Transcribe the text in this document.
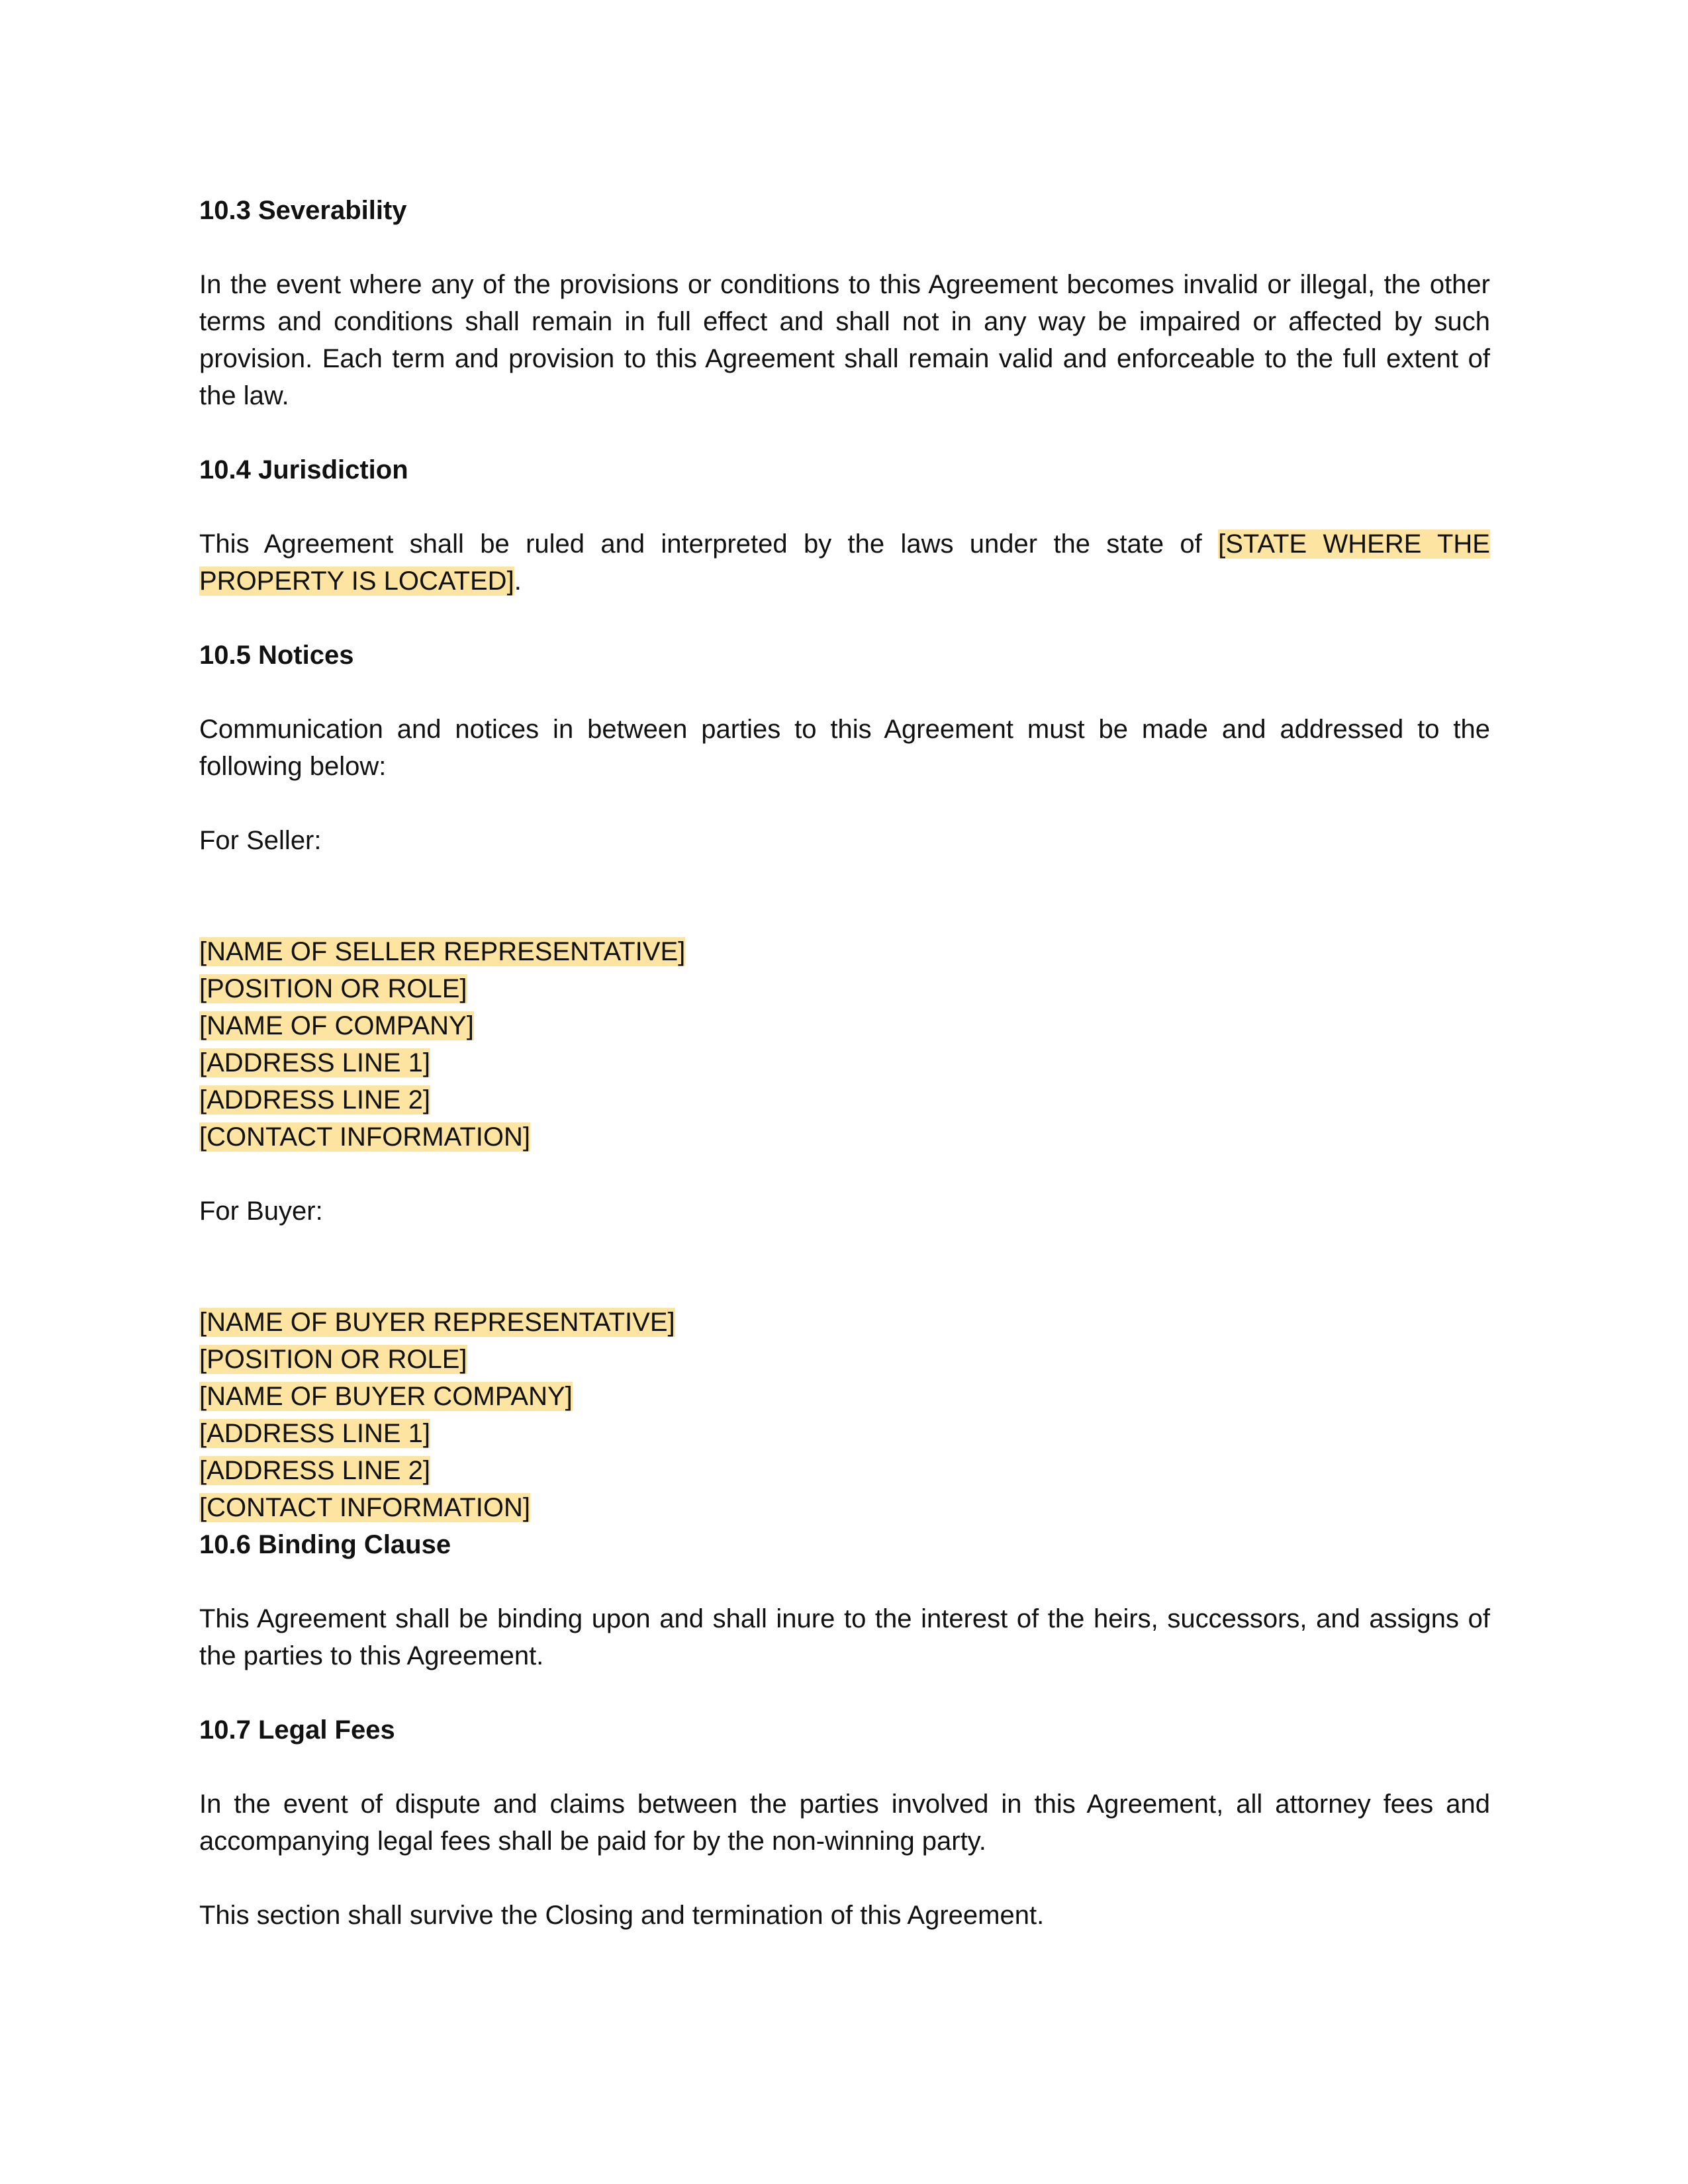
10.3 Severability

In the event where any of the provisions or conditions to this Agreement becomes invalid or illegal, the other terms and conditions shall remain in full effect and shall not in any way be impaired or affected by such provision. Each term and provision to this Agreement shall remain valid and enforceable to the full extent of the law.

10.4 Jurisdiction

This Agreement shall be ruled and interpreted by the laws under the state of [STATE WHERE THE PROPERTY IS LOCATED].

10.5 Notices

Communication and notices in between parties to this Agreement must be made and addressed to the following below:

For Seller:

[NAME OF SELLER REPRESENTATIVE]
[POSITION OR ROLE]
[NAME OF COMPANY]
[ADDRESS LINE 1]
[ADDRESS LINE 2]
[CONTACT INFORMATION]

For Buyer:

[NAME OF BUYER REPRESENTATIVE]
[POSITION OR ROLE]
[NAME OF BUYER COMPANY]
[ADDRESS LINE 1]
[ADDRESS LINE 2]
[CONTACT INFORMATION]

10.6 Binding Clause

This Agreement shall be binding upon and shall inure to the interest of the heirs, successors, and assigns of the parties to this Agreement.

10.7 Legal Fees

In the event of dispute and claims between the parties involved in this Agreement, all attorney fees and accompanying legal fees shall be paid for by the non-winning party.

This section shall survive the Closing and termination of this Agreement.
